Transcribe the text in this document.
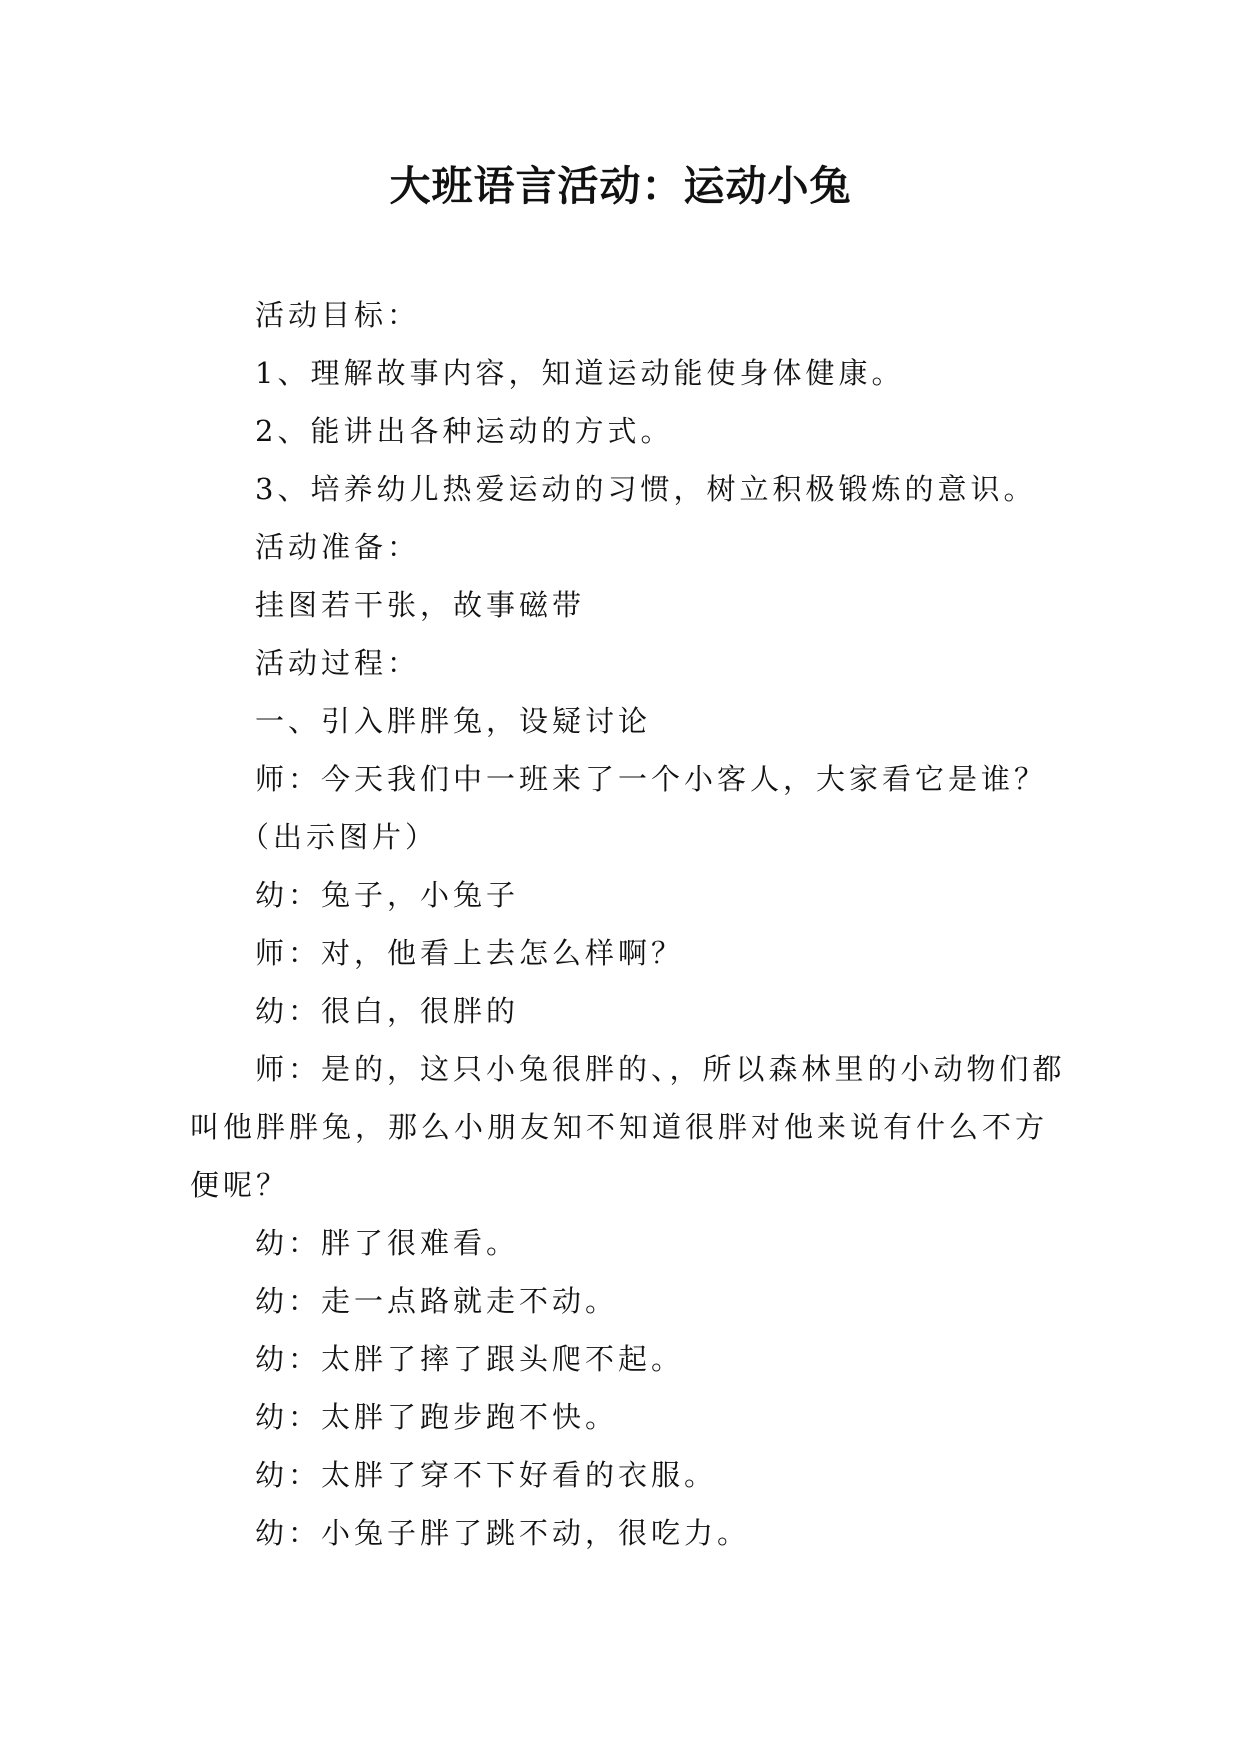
大班语言活动：运动小兔

活动目标：

1、理解故事内容，知道运动能使身体健康。

2、能讲出各种运动的方式。

3、培养幼儿热爱运动的习惯，树立积极锻炼的意识。

活动准备：

挂图若干张，故事磁带

活动过程：

一、引入胖胖兔，设疑讨论

师：今天我们中一班来了一个小客人，大家看它是谁？

（出示图片）

幼：兔子，小兔子

师：对，他看上去怎么样啊？

幼：很白，很胖的

师：是的，这只小兔很胖的、，所以森林里的小动物们都叫他胖胖兔，那么小朋友知不知道很胖对他来说有什么不方便呢？

幼：胖了很难看。

幼：走一点路就走不动。

幼：太胖了摔了跟头爬不起。

幼：太胖了跑步跑不快。

幼：太胖了穿不下好看的衣服。

幼：小兔子胖了跳不动，很吃力。
